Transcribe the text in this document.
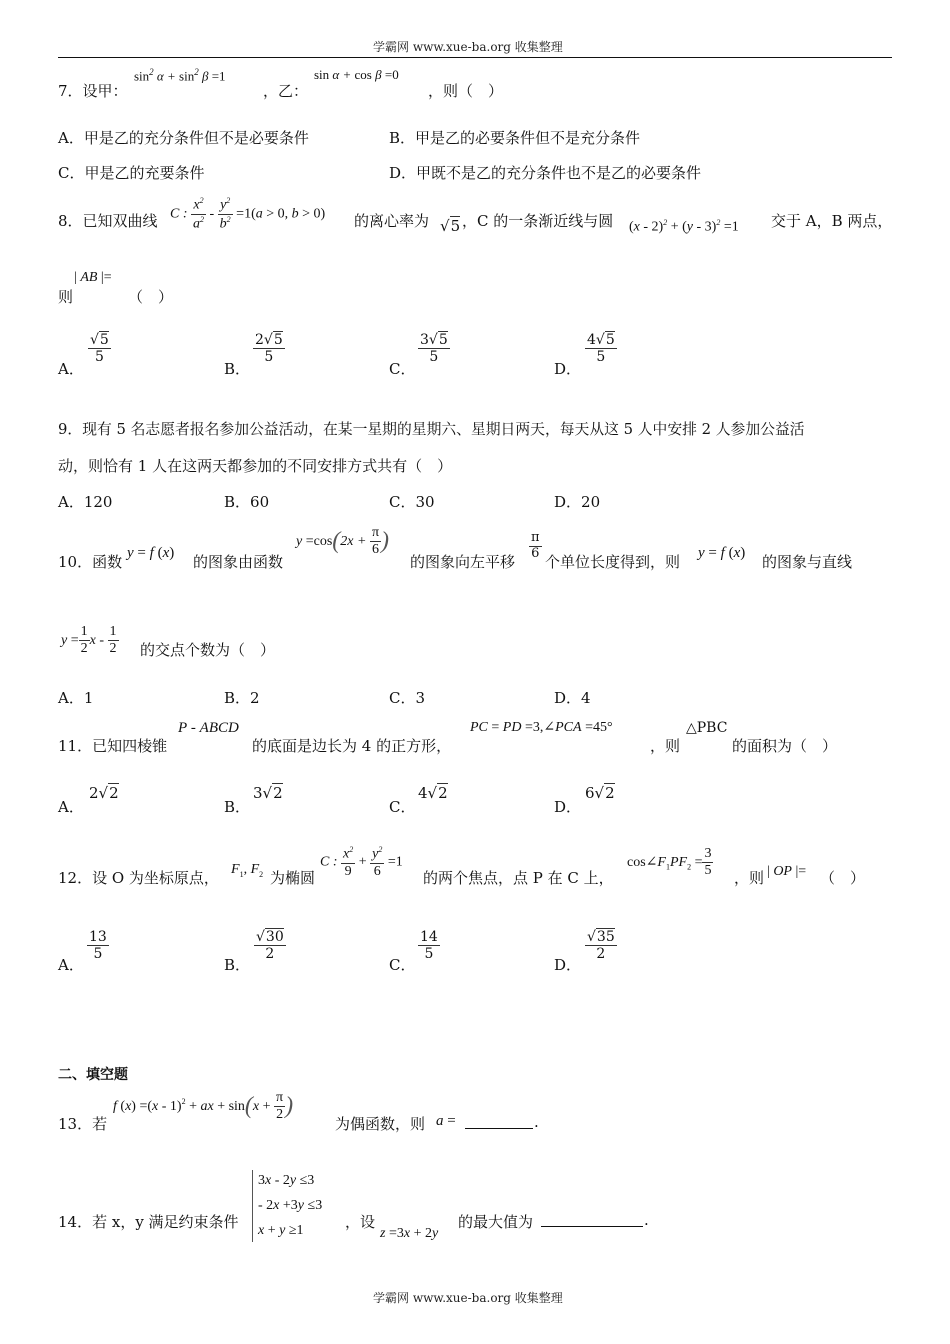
学霸网 www.xue-ba.org 收集整理
7．设甲：
$\sin^2 \alpha + \sin^2 \beta =1$
，乙：
sin α + cos β =0
，则（　）
A．甲是乙的充分条件但不是必要条件	B．甲是乙的必要条件但不是充分条件
C．甲是乙的充要条件	D．甲既不是乙的充分条件也不是乙的必要条件
8．已知双曲线 C : $\frac{x^2}{a^2} - \frac{y^2}{b^2} =1(a > 0$, b > 0) 的离心率为 √5 ，C 的一条渐近线与圆 (x - 2)$^2$ + (y - 3)$^2$ =1 交于 A，B 两点，
则
| AB |=
（　）
A．
$\frac{√5}{5}$
B．
$\frac{2√5}{5}$
C．
$\frac{3√5}{5}$
D．
$\frac{4√5}{5}$
9．现有 5 名志愿者报名参加公益活动，在某一星期的星期六、星期日两天，每天从这 5 人中安排 2 人参加公益活
动，则恰有 1 人在这两天都参加的不同安排方式共有（　）
A．120	B．60	C．30	D．20
10．函数 y = f (x) 的图象由函数
$y =\cos(2x + \frac{\pi}{6}$ )
的图象向左平移
$\frac{\pi}{6}$
个单位长度得到，则 y = f (x) 的图象与直线
$y = \frac{1}{2}$ x - $\frac{1}{2}$ 的交点个数为（　）
A．1	B．2	C．3	D．4
11．已知四棱锥
P - ABCD
的底面是边长为 4 的正方形，
PC = PD =3,∠PCA =45°
，则
△PBC
的面积为（　）
A．
2√2
B．
3√2
C．
4√2
D．
6√2
12．设 O 为坐标原点， $F_1$, $F_2$ 为椭圆
C : $\frac{x^2}{9} + \frac{y^2}{6} =1$
的两个焦点，点 P 在 C 上，
$\cos\angle F_1PF_2 = \frac{3}{5}$ ，则 | OP |= （　）
A．
$\frac{13}{5}$
B．
$\frac{√30}{2}$
C．
$\frac{14}{5}$
D．
$\frac{√35}{2}$
二、填空题
13．若
f (x) =(x - 1)$^2$ + ax + $\sin(x + \frac{\pi}{2}$ )
为偶函数，则 a =	.
14．若 x，y 满足约束条件
3x - 2y ≤3
- 2x +3y ≤3
x + y ≥1	，设
z =3x + 2y
的最大值为	.
学霸网 www.xue-ba.org 收集整理
